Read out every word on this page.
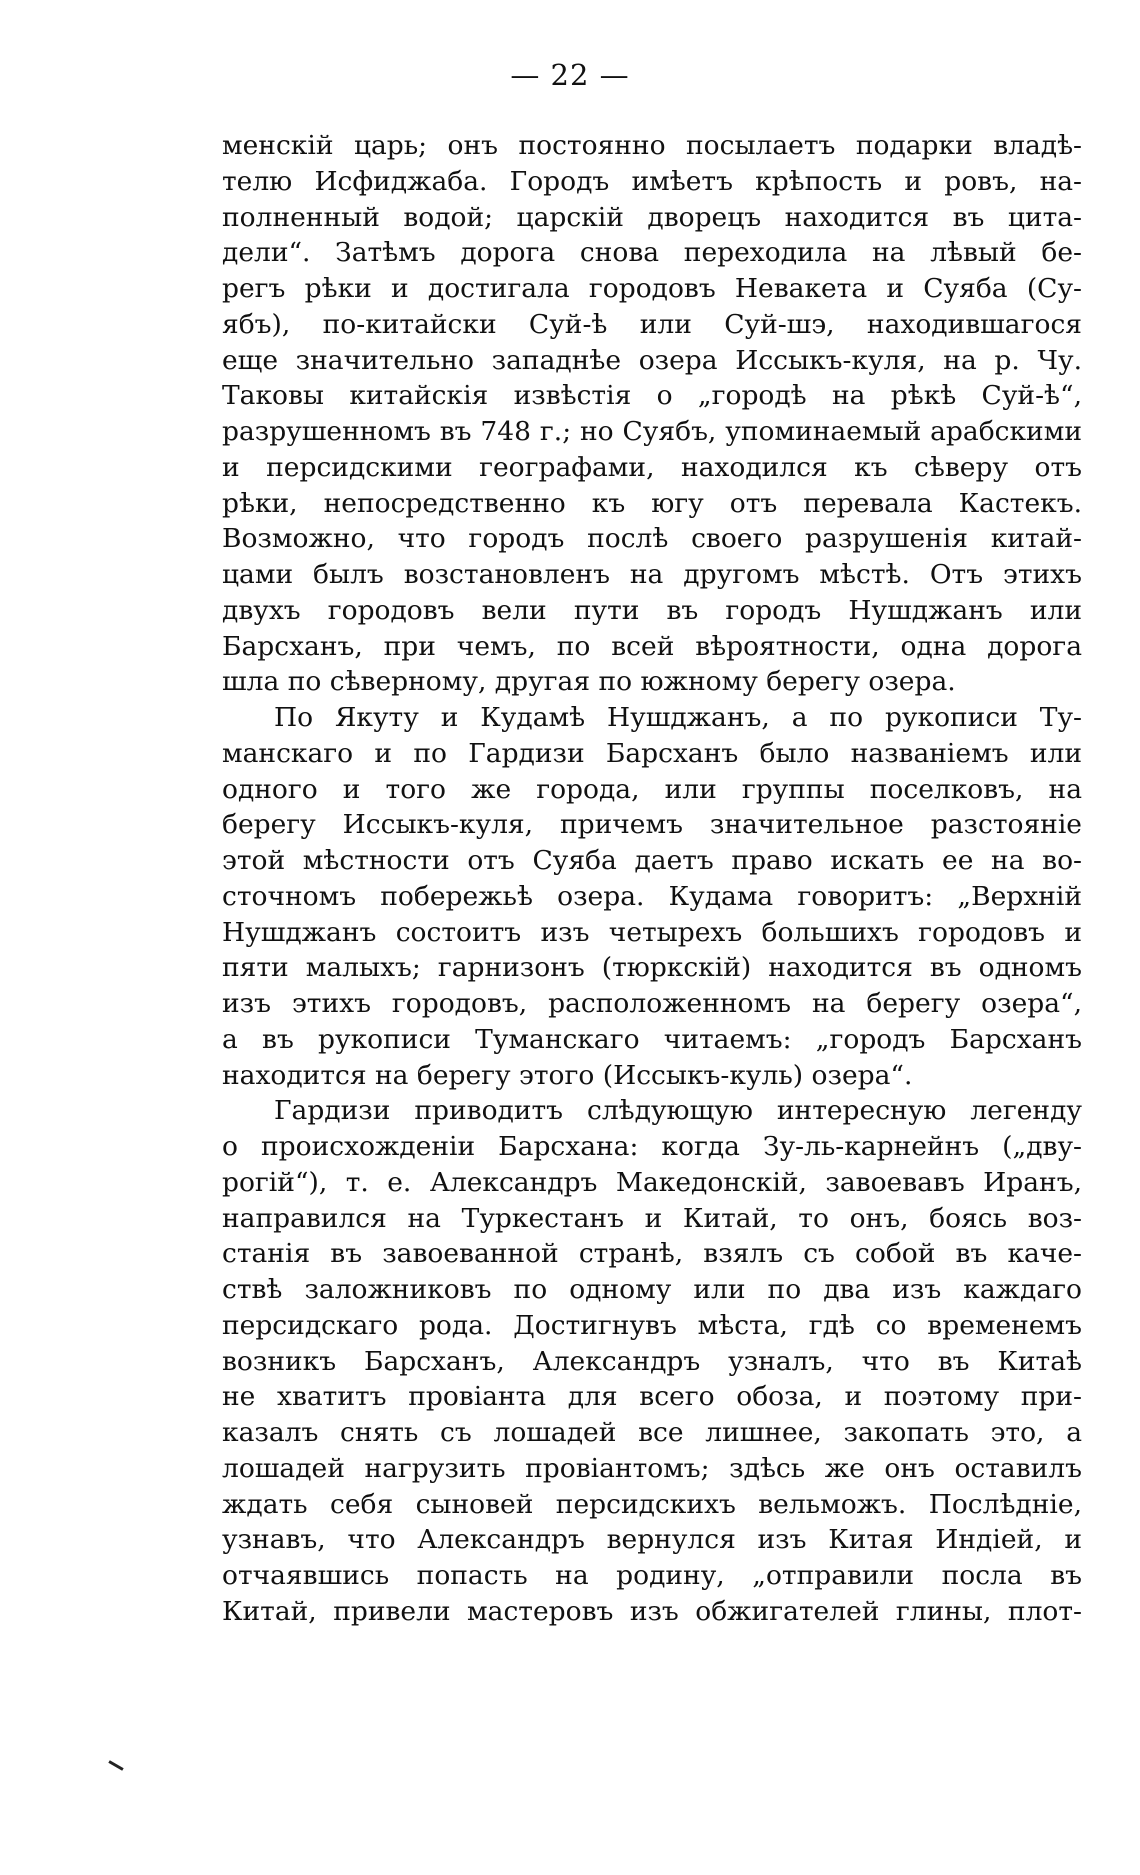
— 22 —
менскій царь; онъ постоянно посылаетъ подарки владѣ-
телю Исфиджаба. Городъ имѣетъ крѣпость и ровъ, на-
полненный водой; царскій дворецъ находится въ цита-
дели“. Затѣмъ дорога снова переходила на лѣвый бе-
регъ рѣки и достигала городовъ Невакета и Суяба (Су-
ябъ), по-китайски Суй-ѣ или Суй-шэ, находившагося
еще значительно западнѣе озера Иссыкъ-куля, на р. Чу.
Таковы китайскія извѣстія о „городѣ на рѣкѣ Суй-ѣ“,
разрушенномъ въ 748 г.; но Суябъ, упоминаемый арабскими
и персидскими географами, находился къ сѣверу отъ
рѣки, непосредственно къ югу отъ перевала Кастекъ.
Возможно, что городъ послѣ своего разрушенія китай-
цами былъ возстановленъ на другомъ мѣстѣ. Отъ этихъ
двухъ городовъ вели пути въ городъ Нушджанъ или
Барсханъ, при чемъ, по всей вѣроятности, одна дорога
шла по сѣверному, другая по южному берегу озера.
По Якуту и Кудамѣ Нушджанъ, а по рукописи Ту-
манскаго и по Гардизи Барсханъ было названіемъ или
одного и того же города, или группы поселковъ, на
берегу Иссыкъ-куля, причемъ значительное разстояніе
этой мѣстности отъ Суяба даетъ право искать ее на во-
сточномъ побережьѣ озера. Кудама говоритъ: „Верхній
Нушджанъ состоитъ изъ четырехъ большихъ городовъ и
пяти малыхъ; гарнизонъ (тюркскій) находится въ одномъ
изъ этихъ городовъ, расположенномъ на берегу озера“,
а въ рукописи Туманскаго читаемъ: „городъ Барсханъ
находится на берегу этого (Иссыкъ-куль) озера“.
Гардизи приводитъ слѣдующую интересную легенду
о происхожденіи Барсхана: когда Зу-ль-карнейнъ („дву-
рогій“), т. е. Александръ Македонскій, завоевавъ Иранъ,
направился на Туркестанъ и Китай, то онъ, боясь воз-
станія въ завоеванной странѣ, взялъ съ собой въ каче-
ствѣ заложниковъ по одному или по два изъ каждаго
персидскаго рода. Достигнувъ мѣста, гдѣ со временемъ
возникъ Барсханъ, Александръ узналъ, что въ Китаѣ
не хватитъ провіанта для всего обоза, и поэтому при-
казалъ снять съ лошадей все лишнее, закопать это, а
лошадей нагрузить провіантомъ; здѣсь же онъ оставилъ
ждать себя сыновей персидскихъ вельможъ. Послѣдніе,
узнавъ, что Александръ вернулся изъ Китая Индіей, и
отчаявшись попасть на родину, „отправили посла въ
Китай, привели мастеровъ изъ обжигателей глины, плот-
